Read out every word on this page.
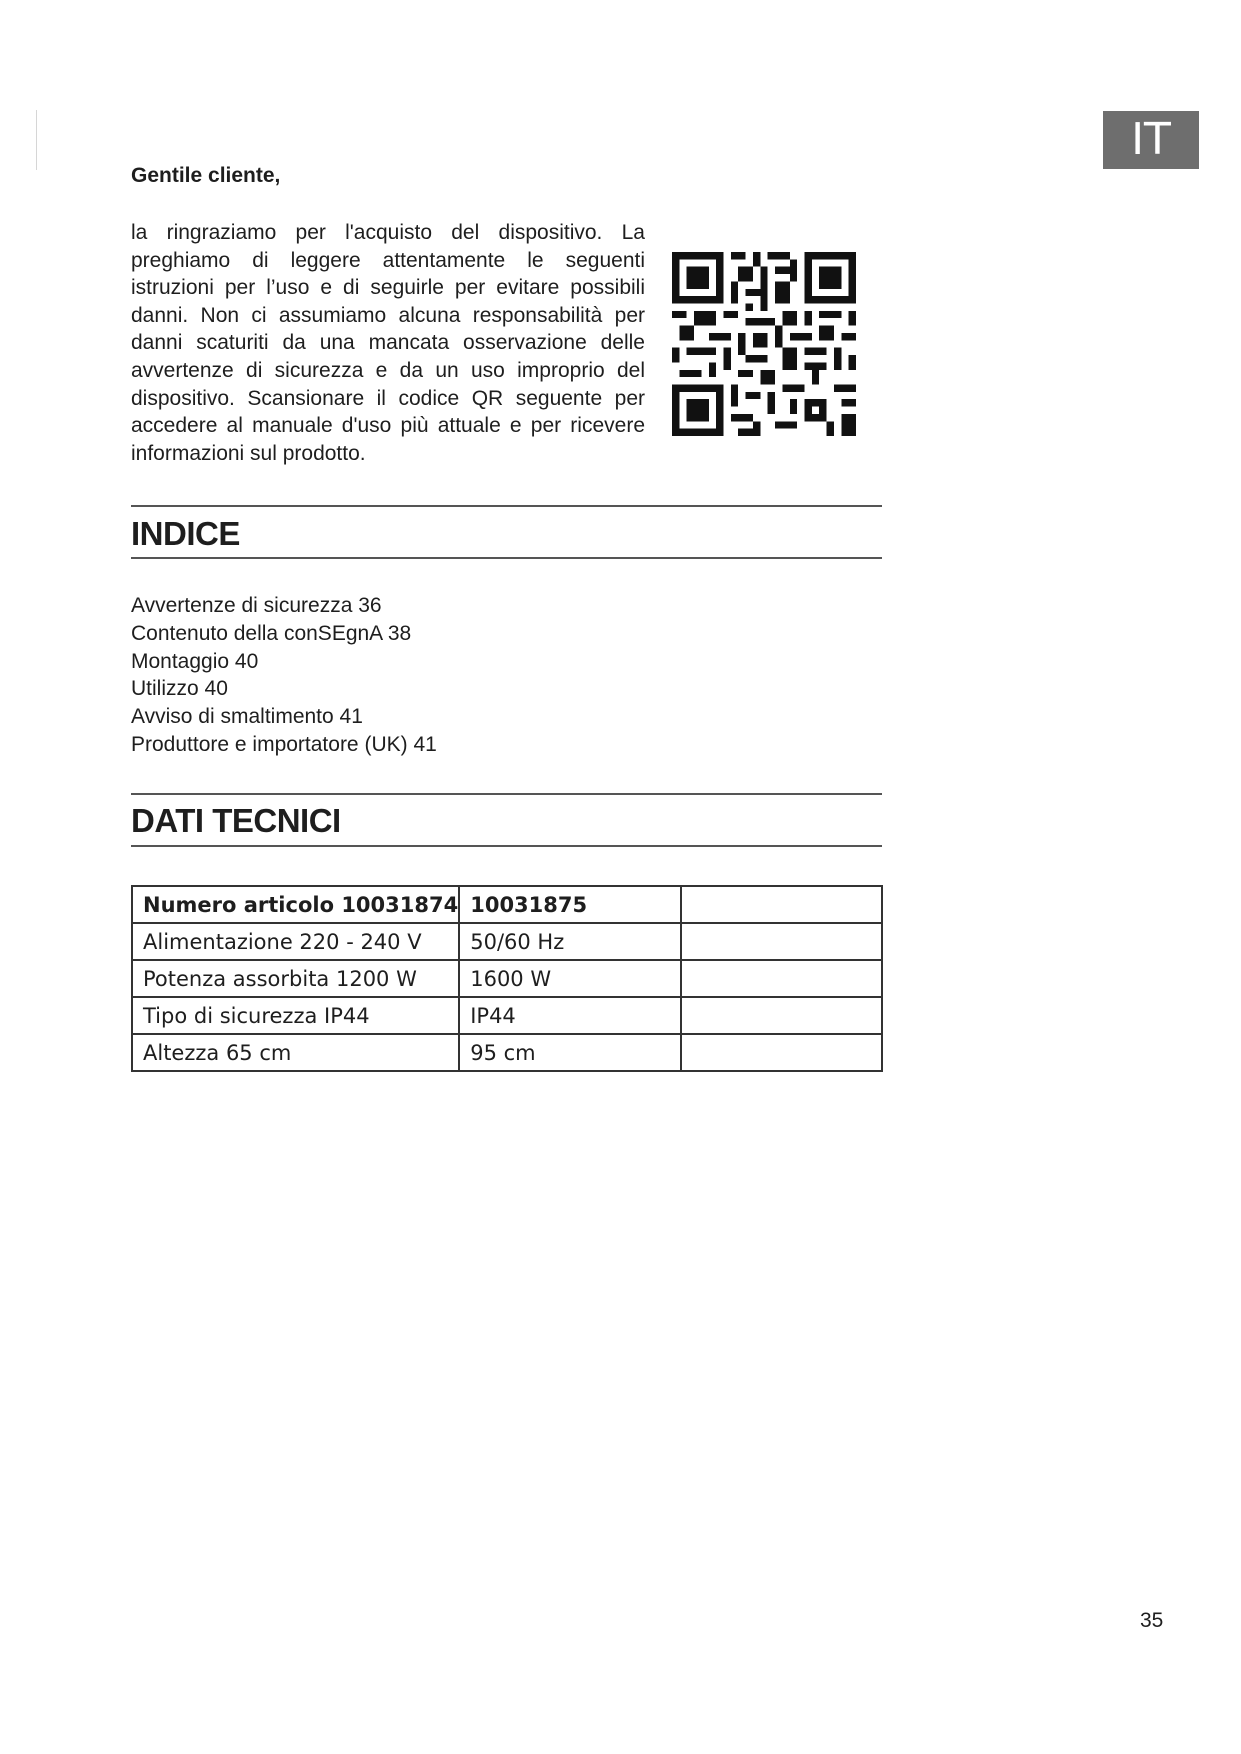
IT
Gentile cliente,

la ringraziamo per l'acquisto del dispositivo. La preghiamo di leggere attentamente le seguenti istruzioni per l’uso e di seguirle per evitare possibili danni. Non ci assumiamo alcuna responsabilità per danni scaturiti da una mancata osservazione delle avvertenze di sicurezza e da un uso improprio del dispositivo. Scansionare il codice QR seguente per accedere al manuale d'uso più attuale e per ricevere informazioni sul prodotto.

INDICE
Avvertenze di sicurezza 36
Contenuto della conSEgnA 38
Montaggio 40
Utilizzo 40
Avviso di smaltimento 41
Produttore e importatore (UK) 41
DATI TECNICI
Numero articolo 10031874	10031875	
Alimentazione 220 - 240 V	50/60 Hz	
Potenza assorbita 1200 W	1600 W	
Tipo di sicurezza IP44	IP44	
Altezza 65 cm	95 cm	
35
